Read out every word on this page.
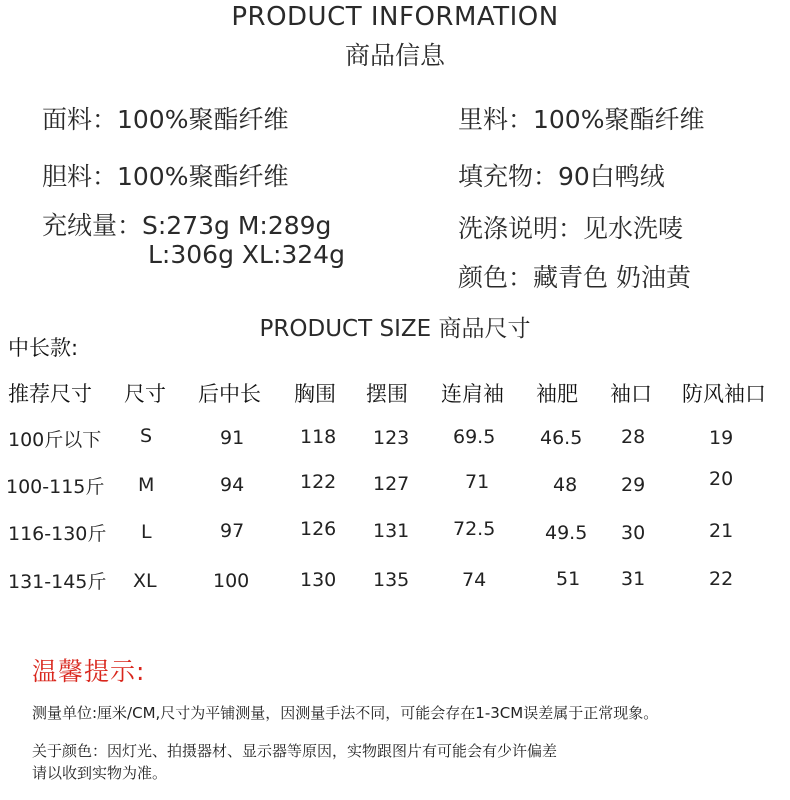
PRODUCT INFORMATION
商品信息
面料：100%聚酯纤维	里料：100%聚酯纤维
胆料：100%聚酯纤维	填充物：90白鸭绒
充绒量：S:273g M:289g	洗涤说明：见水洗唛
L:306g XL:324g
颜色：藏青色 奶油黄
PRODUCT SIZE 商品尺寸
中长款:
推荐尺寸 尺寸 后中长 胸围 摆围 连肩袖 袖肥 袖口 防风袖口
100斤以下 S	91	118 123 69.5 46.5 28	19
100-115斤 M	94	122 127	71	48 29	20
116-130斤 L	97	126 131 72.5	49.5 30	21
131-145斤 XL	100	130 135	74	51 31	22
温馨提示:
测量单位:厘米/CM,尺寸为平铺测量，因测量手法不同，可能会存在1-3CM误差属于正常现象。
关于颜色：因灯光、拍摄器材、显示器等原因，实物跟图片有可能会有少许偏差
请以收到实物为准。
